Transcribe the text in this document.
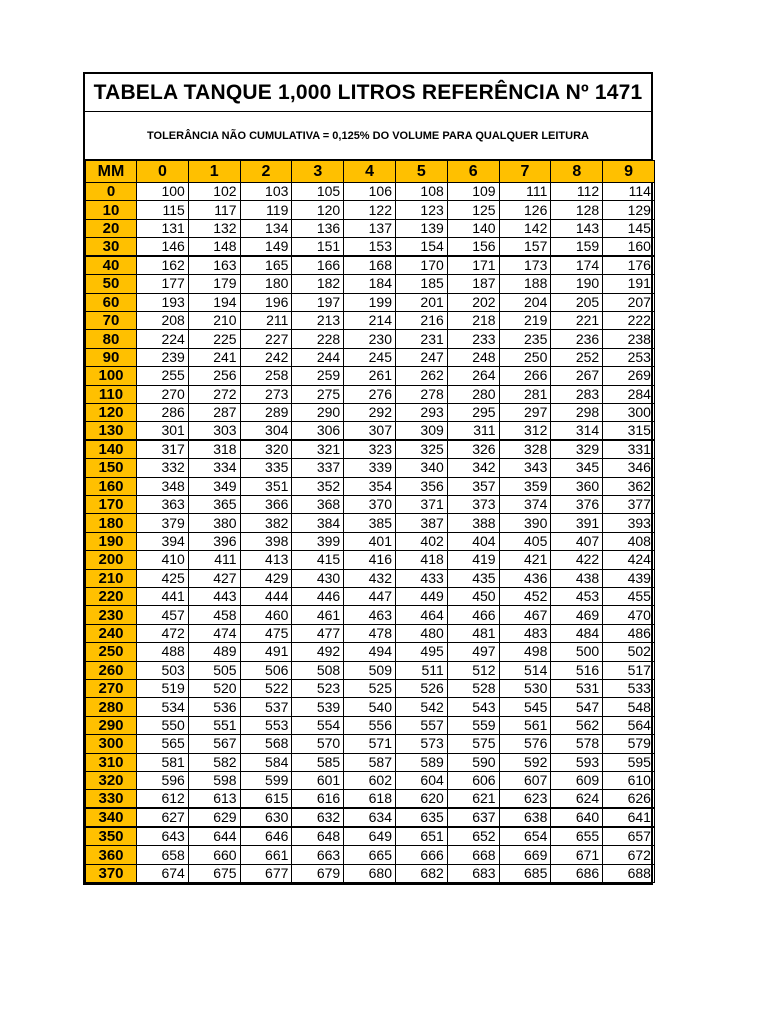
TABELA TANQUE 1,000 LITROS REFERÊNCIA Nº 1471
TOLERÂNCIA NÃO CUMULATIVA = 0,125% DO VOLUME PARA QUALQUER LEITURA
MM	0	1	2	3	4	5	6	7	8	9
0	100	102	103	105	106	108	109	111	112	114
10	115	117	119	120	122	123	125	126	128	129
20	131	132	134	136	137	139	140	142	143	145
30	146	148	149	151	153	154	156	157	159	160
40	162	163	165	166	168	170	171	173	174	176
50	177	179	180	182	184	185	187	188	190	191
60	193	194	196	197	199	201	202	204	205	207
70	208	210	211	213	214	216	218	219	221	222
80	224	225	227	228	230	231	233	235	236	238
90	239	241	242	244	245	247	248	250	252	253
100	255	256	258	259	261	262	264	266	267	269
110	270	272	273	275	276	278	280	281	283	284
120	286	287	289	290	292	293	295	297	298	300
130	301	303	304	306	307	309	311	312	314	315
140	317	318	320	321	323	325	326	328	329	331
150	332	334	335	337	339	340	342	343	345	346
160	348	349	351	352	354	356	357	359	360	362
170	363	365	366	368	370	371	373	374	376	377
180	379	380	382	384	385	387	388	390	391	393
190	394	396	398	399	401	402	404	405	407	408
200	410	411	413	415	416	418	419	421	422	424
210	425	427	429	430	432	433	435	436	438	439
220	441	443	444	446	447	449	450	452	453	455
230	457	458	460	461	463	464	466	467	469	470
240	472	474	475	477	478	480	481	483	484	486
250	488	489	491	492	494	495	497	498	500	502
260	503	505	506	508	509	511	512	514	516	517
270	519	520	522	523	525	526	528	530	531	533
280	534	536	537	539	540	542	543	545	547	548
290	550	551	553	554	556	557	559	561	562	564
300	565	567	568	570	571	573	575	576	578	579
310	581	582	584	585	587	589	590	592	593	595
320	596	598	599	601	602	604	606	607	609	610
330	612	613	615	616	618	620	621	623	624	626
340	627	629	630	632	634	635	637	638	640	641
350	643	644	646	648	649	651	652	654	655	657
360	658	660	661	663	665	666	668	669	671	672
370	674	675	677	679	680	682	683	685	686	688
